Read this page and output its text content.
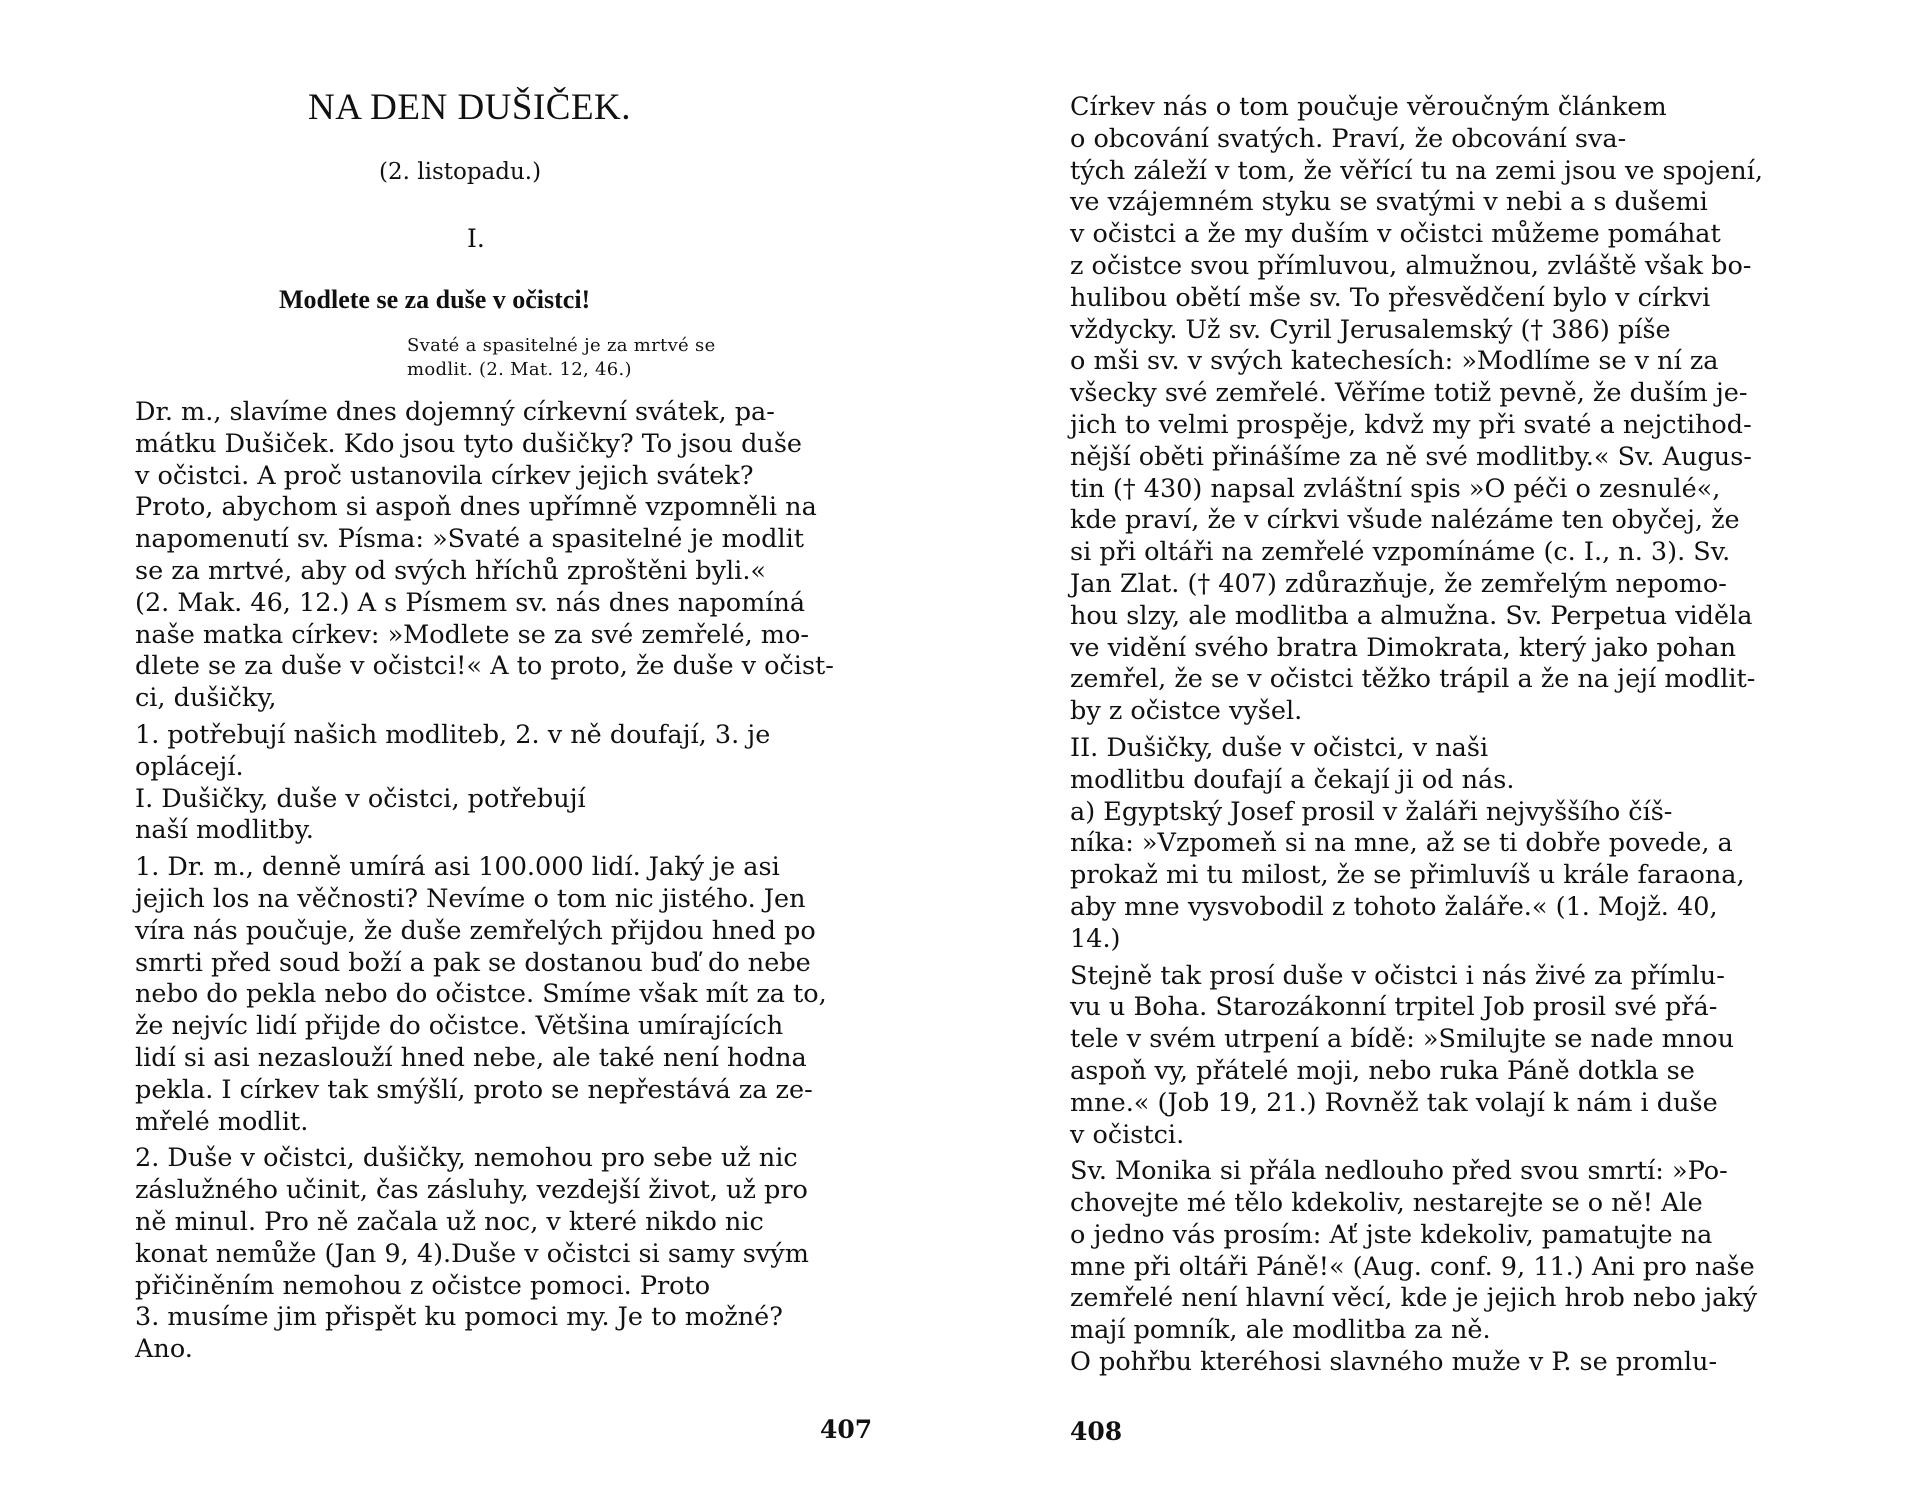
NA DEN DUŠIČEK.
(2. listopadu.)
I.
Modlete se za duše v očistci!
Svaté a spasitelné je za mrtvé se
modlit. (2. Mat. 12, 46.)
Dr. m., slavíme dnes dojemný církevní svátek, pa-
mátku Dušiček. Kdo jsou tyto dušičky? To jsou duše
v očistci. A proč ustanovila církev jejich svátek?
Proto, abychom si aspoň dnes upřímně vzpomněli na
napomenutí sv. Písma: »Svaté a spasitelné je modlit
se za mrtvé, aby od svých hříchů zproštěni byli.«
(2. Mak. 46, 12.) A s Písmem sv. nás dnes napomíná
naše matka církev: »Modlete se za své zemřelé, mo-
dlete se za duše v očistci!« A to proto, že duše v očist-
ci, dušičky,
1. potřebují našich modliteb, 2. v ně doufají, 3. je
oplácejí.
I. Dušičky, duše v očistci, potřebují
naší modlitby.
1. Dr. m., denně umírá asi 100.000 lidí. Jaký je asi
jejich los na věčnosti? Nevíme o tom nic jistého. Jen
víra nás poučuje, že duše zemřelých přijdou hned po
smrti před soud boží a pak se dostanou buď do nebe
nebo do pekla nebo do očistce. Smíme však mít za to,
že nejvíc lidí přijde do očistce. Většina umírajících
lidí si asi nezaslouží hned nebe, ale také není hodna
pekla. I církev tak smýšlí, proto se nepřestává za ze-
mřelé modlit.
2. Duše v očistci, dušičky, nemohou pro sebe už nic
záslužného učinit, čas zásluhy, vezdejší život, už pro
ně minul. Pro ně začala už noc, v které nikdo nic
konat nemůže (Jan 9, 4).Duše v očistci si samy svým
přičiněním nemohou z očistce pomoci. Proto
3. musíme jim přispět ku pomoci my. Je to možné?
Ano.
407
Církev nás o tom poučuje věroučným článkem
o obcování svatých. Praví, že obcování sva-
tých záleží v tom, že věřící tu na zemi jsou ve spojení,
ve vzájemném styku se svatými v nebi a s dušemi
v očistci a že my duším v očistci můžeme pomáhat
z očistce svou přímluvou, almužnou, zvláště však bo-
hulibou obětí mše sv. To přesvědčení bylo v církvi
vždycky. Už sv. Cyril Jerusalemský († 386) píše
o mši sv. v svých katechesích: »Modlíme se v ní za
všecky své zemřelé. Věříme totiž pevně, že duším je-
jich to velmi prospěje, kdvž my při svaté a nejctihod-
nější oběti přinášíme za ně své modlitby.« Sv. Augus-
tin († 430) napsal zvláštní spis »O péči o zesnulé«,
kde praví, že v církvi všude nalézáme ten obyčej, že
si při oltáři na zemřelé vzpomínáme (c. I., n. 3). Sv.
Jan Zlat. († 407) zdůrazňuje, že zemřelým nepomo-
hou slzy, ale modlitba a almužna. Sv. Perpetua viděla
ve vidění svého bratra Dimokrata, který jako pohan
zemřel, že se v očistci těžko trápil a že na její modlit-
by z očistce vyšel.
II. Dušičky, duše v očistci, v naši
modlitbu doufají a čekají ji od nás.
a) Egyptský Josef prosil v žaláři nejvyššího číš-
níka: »Vzpomeň si na mne, až se ti dobře povede, a
prokaž mi tu milost, že se přimluvíš u krále faraona,
aby mne vysvobodil z tohoto žaláře.« (1. Mojž. 40,
14.)
Stejně tak prosí duše v očistci i nás živé za přímlu-
vu u Boha. Starozákonní trpitel Job prosil své přá-
tele v svém utrpení a bídě: »Smilujte se nade mnou
aspoň vy, přátelé moji, nebo ruka Páně dotkla se
mne.« (Job 19, 21.) Rovněž tak volají k nám i duše
v očistci.
Sv. Monika si přála nedlouho před svou smrtí: »Po-
chovejte mé tělo kdekoliv, nestarejte se o ně! Ale
o jedno vás prosím: Ať jste kdekoliv, pamatujte na
mne při oltáři Páně!« (Aug. conf. 9, 11.) Ani pro naše
zemřelé není hlavní věcí, kde je jejich hrob nebo jaký
mají pomník, ale modlitba za ně.
O pohřbu kteréhosi slavného muže v P. se promlu-
408
